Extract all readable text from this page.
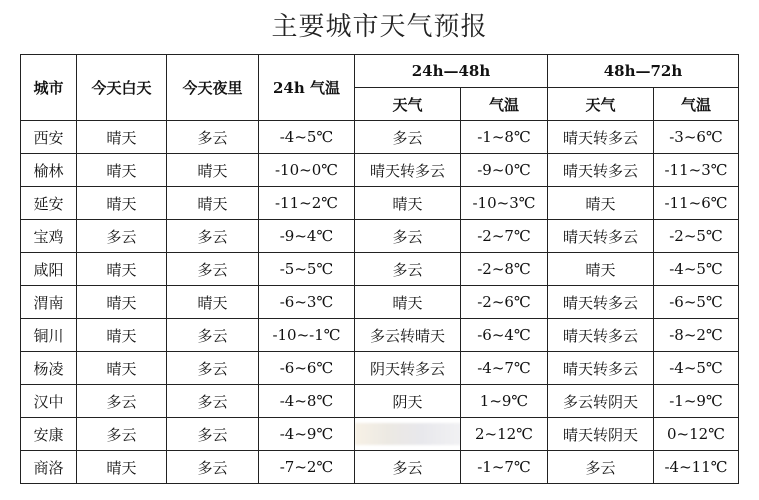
主要城市天气预报
城市	今天白天	今天夜里	24h 气温	24h—48h		48h—72h	
				天气	气温	天气	气温
西安	晴天	多云	-4~5℃	多云	-1~8℃	晴天转多云	-3~6℃
榆林	晴天	晴天	-10~0℃	晴天转多云	-9~0℃	晴天转多云	-11~3℃
延安	晴天	晴天	-11~2℃	晴天	-10~3℃	晴天	-11~6℃
宝鸡	多云	多云	-9~4℃	多云	-2~7℃	晴天转多云	-2~5℃
咸阳	晴天	多云	-5~5℃	多云	-2~8℃	晴天	-4~5℃
渭南	晴天	晴天	-6~3℃	晴天	-2~6℃	晴天转多云	-6~5℃
铜川	晴天	多云	-10~-1℃	多云转晴天	-6~4℃	晴天转多云	-8~2℃
杨凌	晴天	多云	-6~6℃	阴天转多云	-4~7℃	晴天转多云	-4~5℃
汉中	多云	多云	-4~8℃	阴天	1~9℃	多云转阴天	-1~9℃
安康	多云	多云	-4~9℃		2~12℃	晴天转阴天	0~12℃
商洛	晴天	多云	-7~2℃	多云	-1~7℃	多云	-4~11℃
